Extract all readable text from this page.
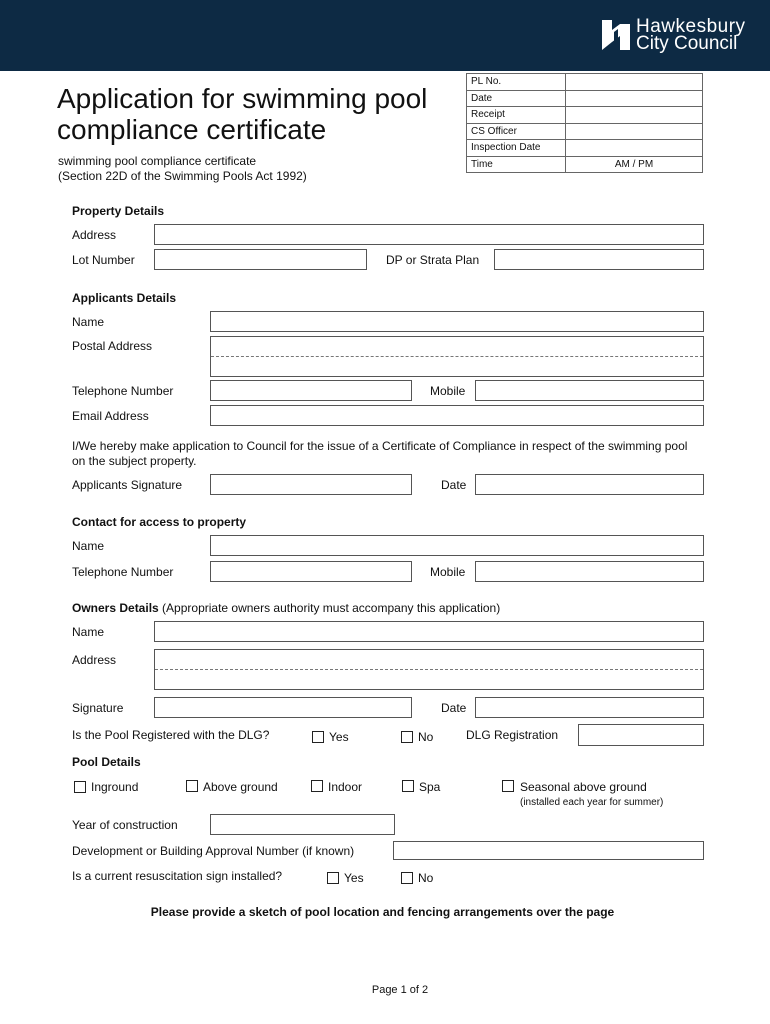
Hawkesbury
City Council
Application for swimming pool compliance certificate
swimming pool compliance certificate
(Section 22D of the Swimming Pools Act 1992)
PL No.	
Date	
Receipt	
CS Officer	
Inspection Date	
Time	AM / PM
Property Details
Address
Lot Number	DP or Strata Plan
Applicants Details
Name
Postal Address
Telephone Number	Mobile
Email Address
I/We hereby make application to Council for the issue of a Certificate of Compliance in respect of the swimming pool on the subject property.
Applicants Signature	Date
Contact for access to property
Name
Telephone Number	Mobile
Owners Details (Appropriate owners authority must accompany this application)
Name
Address
Signature	Date
Is the Pool Registered with the DLG?	Yes	No	DLG Registration
Pool Details
Inground	Above ground	Indoor	Spa	Seasonal above ground
(installed each year for summer)
Year of construction
Development or Building Approval Number (if known)
Is a current resuscitation sign installed?	Yes	No
Please provide a sketch of pool location and fencing arrangements over the page
Page 1 of 2
